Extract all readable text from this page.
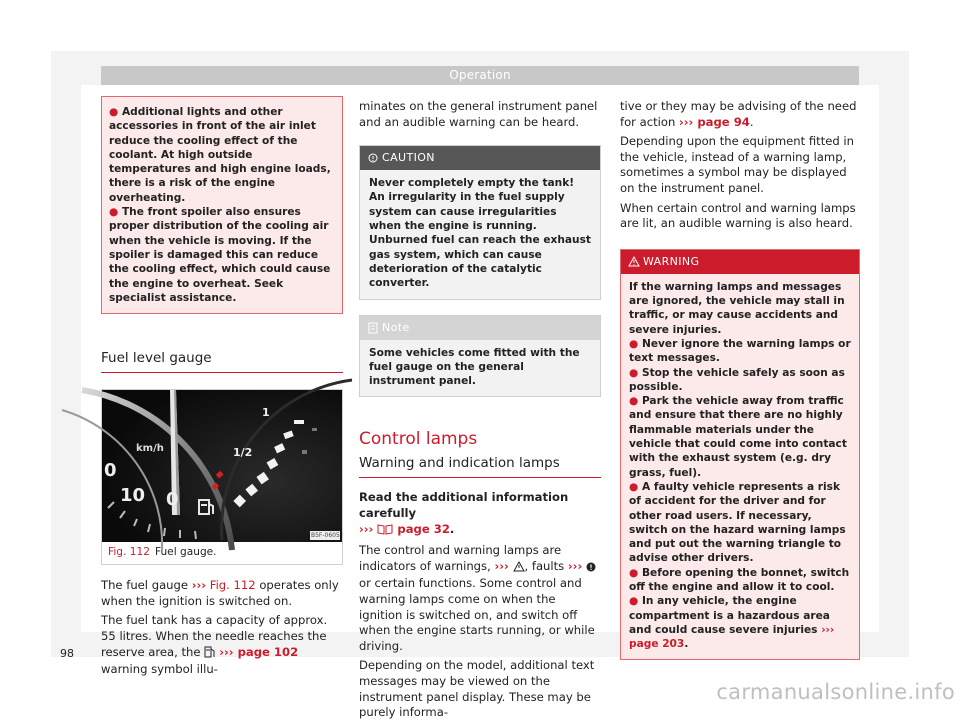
Operation

● Additional lights and other accessories in front of the air inlet reduce the cooling effect of the coolant. At high outside temperatures and high engine loads, there is a risk of the engine overheating.

● The front spoiler also ensures proper distribution of the cooling air when the vehicle is moving. If the spoiler is damaged this can reduce the cooling effect, which could cause the engine to overheat. Seek specialist assistance.

Fuel level gauge
km/h
0
10 0
1
1/2
B5F-0605
Fig. 112 Fuel gauge.

The fuel gauge ››› Fig. 112 operates only when the ignition is switched on.

The fuel tank has a capacity of approx. 55 litres. When the needle reaches the reserve area, the  ››› page 102 warning symbol illu-

minates on the general instrument panel and an audible warning can be heard.
CAUTION
Never completely empty the tank! An irregularity in the fuel supply system can cause irregularities when the engine is running. Unburned fuel can reach the exhaust gas system, which can cause deterioration of the catalytic converter.
Note
Some vehicles come fitted with the fuel gauge on the general instrument panel.
Control lamps
Warning and indication lamps

Read the additional information carefully
›››  page 32.

The control and warning lamps are indicators of warnings, ››› , faults ›››  or certain functions. Some control and warning lamps come on when the ignition is switched on, and switch off when the engine starts running, or while driving.

Depending on the model, additional text messages may be viewed on the instrument panel display. These may be purely informa-

tive or they may be advising of the need for action ››› page 94.

Depending upon the equipment fitted in the vehicle, instead of a warning lamp, sometimes a symbol may be displayed on the instrument panel.

When certain control and warning lamps are lit, an audible warning is also heard.

WARNING

If the warning lamps and messages are ignored, the vehicle may stall in traffic, or may cause accidents and severe injuries.

● Never ignore the warning lamps or text messages.

● Stop the vehicle safely as soon as possible.

● Park the vehicle away from traffic and ensure that there are no highly flammable materials under the vehicle that could come into contact with the exhaust system (e.g. dry grass, fuel).

● A faulty vehicle represents a risk of accident for the driver and for other road users. If necessary, switch on the hazard warning lamps and put out the warning triangle to advise other drivers.

● Before opening the bonnet, switch off the engine and allow it to cool.

● In any vehicle, the engine compartment is a hazardous area and could cause severe injuries ››› page 203.

98
carmanualsonline.info
